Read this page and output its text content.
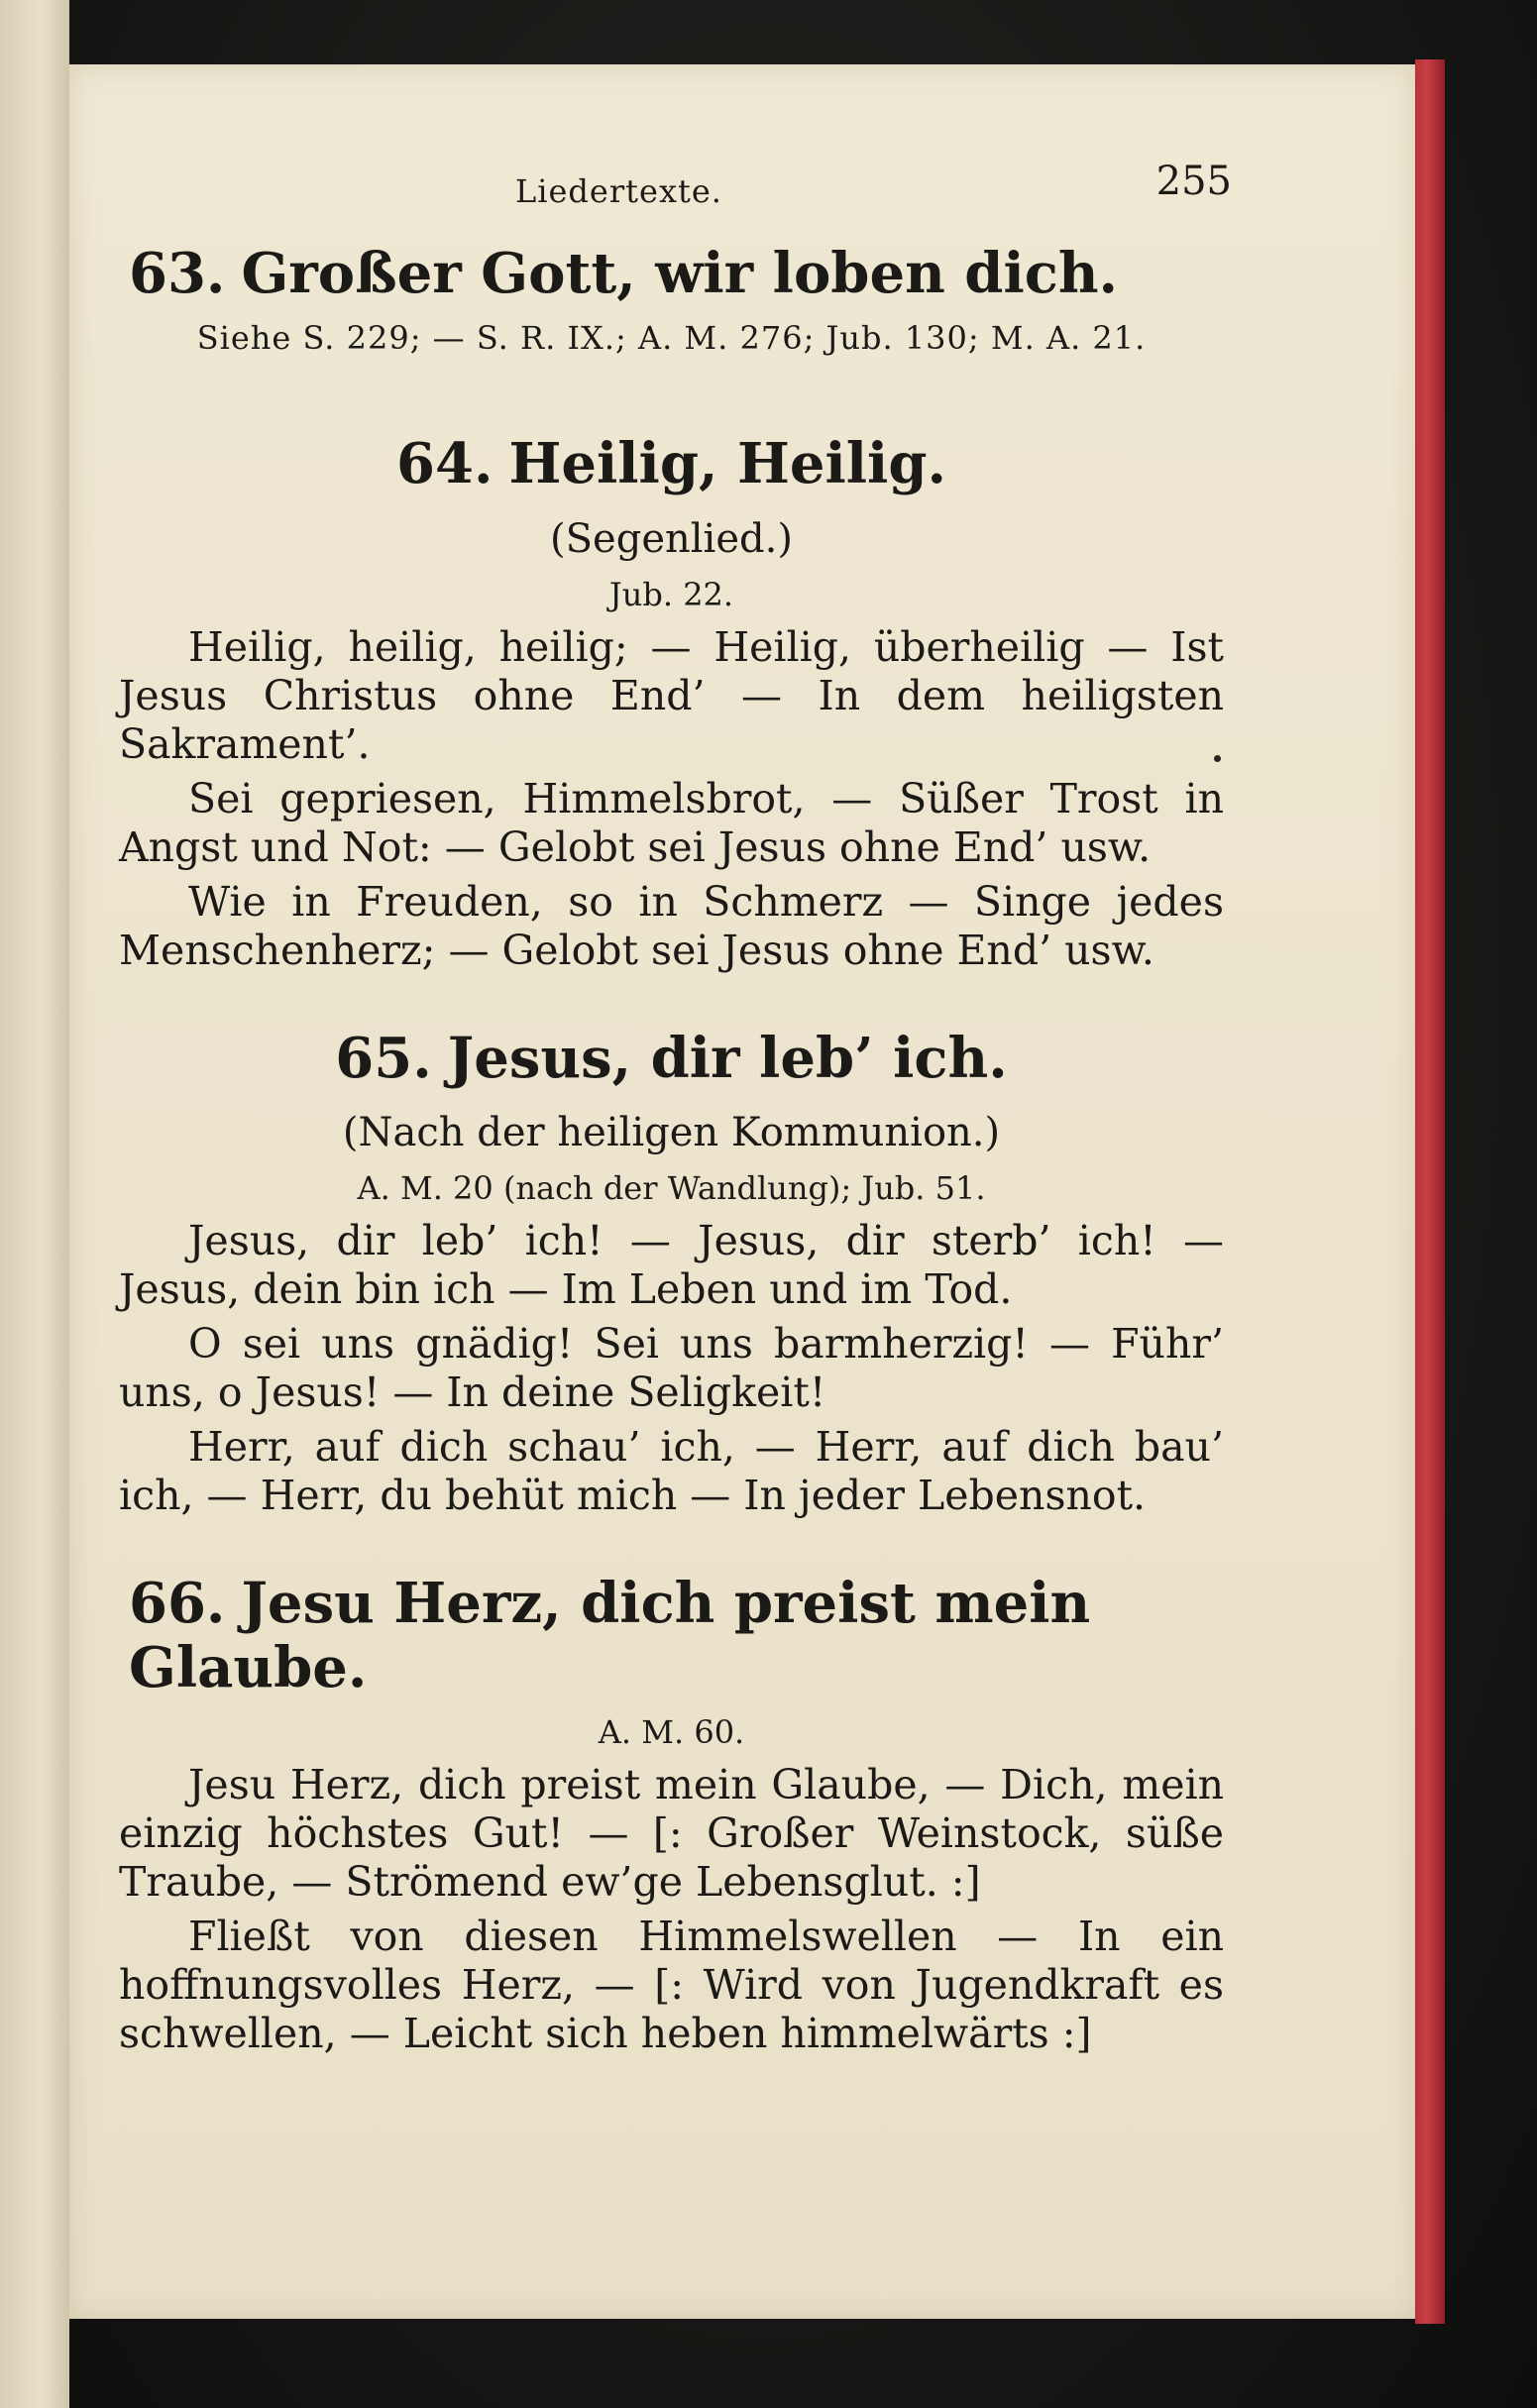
Liedertexte.	255
63. Großer Gott, wir loben dich.

Siehe S. 229; — S. R. IX.; A. M. 276; Jub. 130; M. A. 21.

64. Heilig, Heilig.

(Segenlied.)

Jub. 22.

Heilig, heilig, heilig; — Heilig, überheilig — Ist Jesus Christus ohne End’ — In dem heiligsten Sakrament’.

Sei gepriesen, Himmelsbrot, — Süßer Trost in Angst und Not: — Gelobt sei Jesus ohne End’ usw.

Wie in Freuden, so in Schmerz — Singe jedes Menschenherz; — Gelobt sei Jesus ohne End’ usw.

65. Jesus, dir leb’ ich.

(Nach der heiligen Kommunion.)

A. M. 20 (nach der Wandlung); Jub. 51.

Jesus, dir leb’ ich! — Jesus, dir sterb’ ich! — Jesus, dein bin ich — Im Leben und im Tod.

O sei uns gnädig! Sei uns barmherzig! — Führ’ uns, o Jesus! — In deine Seligkeit!

Herr, auf dich schau’ ich, — Herr, auf dich bau’ ich, — Herr, du behüt mich — In jeder Lebensnot.

66. Jesu Herz, dich preist mein Glaube.

A. M. 60.

Jesu Herz, dich preist mein Glaube, — Dich, mein einzig höchstes Gut! — [: Großer Weinstock, süße Traube, — Strömend ew’ge Lebensglut. :]

Fließt von diesen Himmelswellen — In ein hoffnungsvolles Herz, — [: Wird von Jugendkraft es schwellen, — Leicht sich heben himmelwärts :]
